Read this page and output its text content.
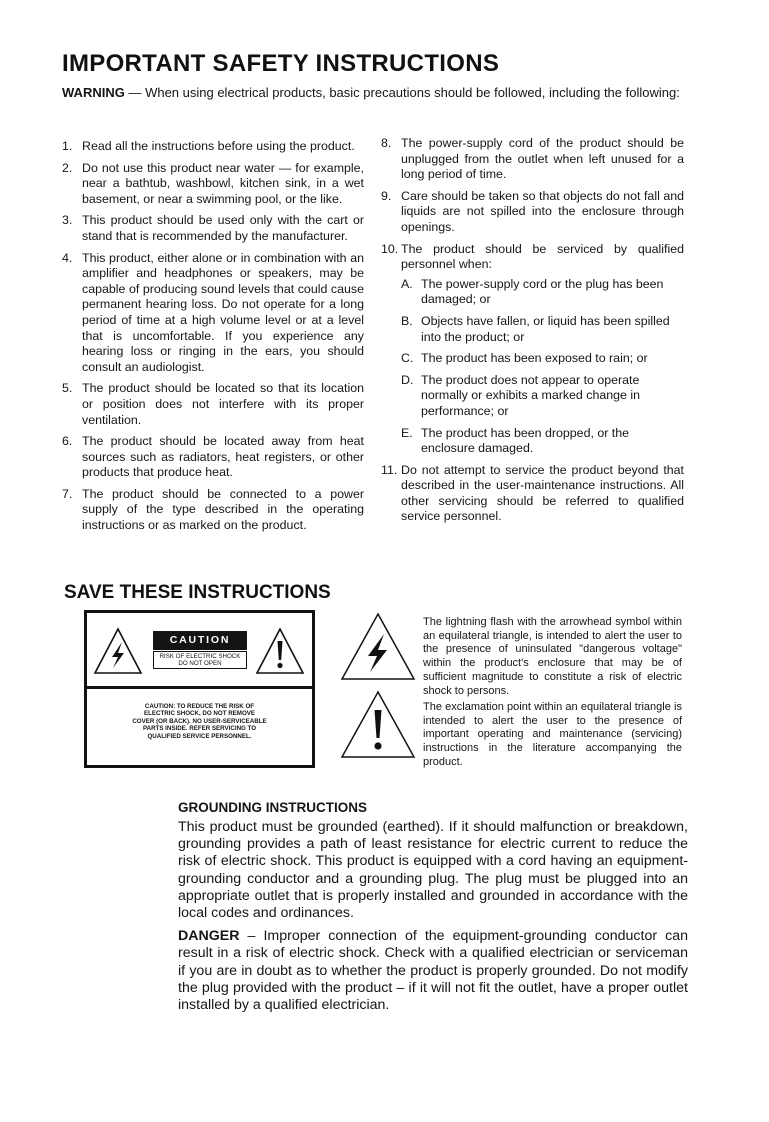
IMPORTANT SAFETY INSTRUCTIONS
WARNING — When using electrical products, basic precautions should be followed, including the following:
1. Read all the instructions before using the product.
2. Do not use this product near water — for example, near a bathtub, washbowl, kitchen sink, in a wet basement, or near a swimming pool, or the like.
3. This product should be used only with the cart or stand that is recommended by the manufacturer.
4. This product, either alone or in combination with an amplifier and headphones or speakers, may be capable of producing sound levels that could cause permanent hearing loss. Do not operate for a long period of time at a high volume level or at a level that is uncomfortable. If you experience any hearing loss or ringing in the ears, you should consult an audiologist.
5. The product should be located so that its location or position does not interfere with its proper ventilation.
6. The product should be located away from heat sources such as radiators, heat registers, or other products that produce heat.
7. The product should be connected to a power supply of the type described in the operating instructions or as marked on the product.
8. The power-supply cord of the product should be unplugged from the outlet when left unused for a long period of time.
9. Care should be taken so that objects do not fall and liquids are not spilled into the enclosure through openings.
10. The product should be serviced by qualified personnel when:
A. The power-supply cord or the plug has been damaged; or
B. Objects have fallen, or liquid has been spilled into the product; or
C. The product has been exposed to rain; or
D. The product does not appear to operate normally or exhibits a marked change in performance; or
E. The product has been dropped, or the enclosure damaged.
11. Do not attempt to service the product beyond that described in the user-maintenance instructions. All other servicing should be referred to qualified service personnel.
SAVE THESE INSTRUCTIONS
CAUTION
RISK OF ELECTRIC SHOCK
DO NOT OPEN
CAUTION: TO REDUCE THE RISK OF
ELECTRIC SHOCK, DO NOT REMOVE
COVER (OR BACK). NO USER-SERVICEABLE
PARTS INSIDE. REFER SERVICING TO
QUALIFIED SERVICE PERSONNEL.
The lightning flash with the arrowhead symbol within an equilateral triangle, is intended to alert the user to the presence of uninsulated "dangerous voltage" within the product's enclosure that may be of sufficient magnitude to constitute a risk of electric shock to persons.
The exclamation point within an equilateral triangle is intended to alert the user to the presence of important operating and maintenance (servicing) instructions in the literature accompanying the product.
GROUNDING INSTRUCTIONS

This product must be grounded (earthed). If it should malfunction or breakdown, grounding provides a path of least resistance for electric current to reduce the risk of electric shock. This product is equipped with a cord having an equipment-grounding conductor and a grounding plug. The plug must be plugged into an appropriate outlet that is properly installed and grounded in accordance with the local codes and ordinances.

DANGER – Improper connection of the equipment-grounding conductor can result in a risk of electric shock. Check with a qualified electrician or serviceman if you are in doubt as to whether the product is properly grounded. Do not modify the plug provided with the product – if it will not fit the outlet, have a proper outlet installed by a qualified electrician.
